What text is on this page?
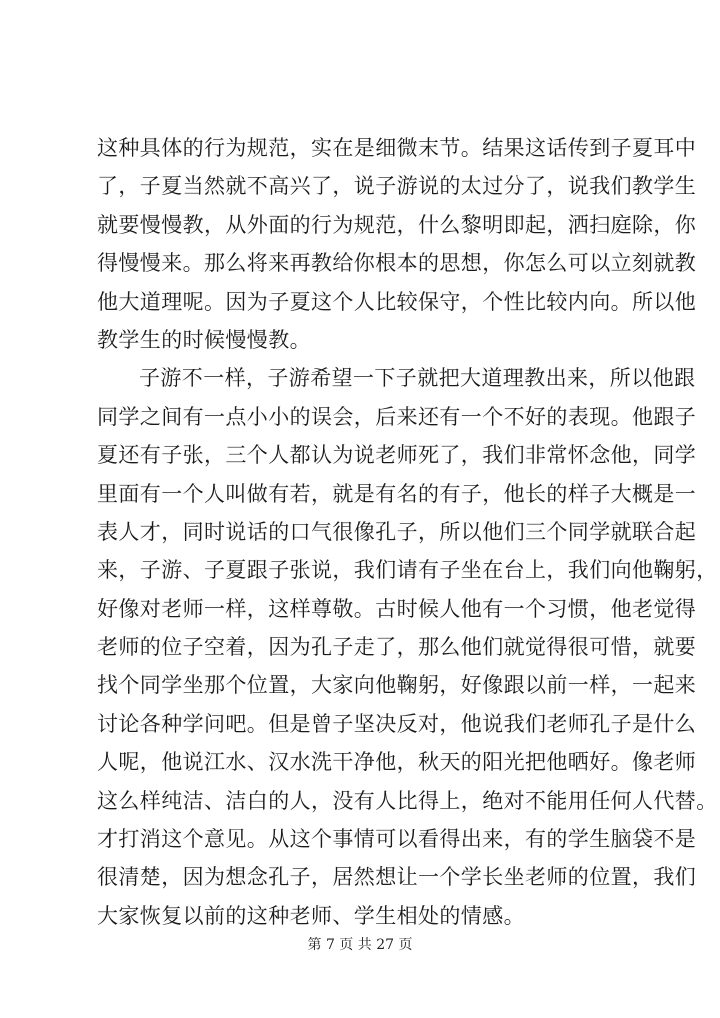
这种具体的行为规范，实在是细微末节。结果这话传到子夏耳中
了，子夏当然就不高兴了，说子游说的太过分了，说我们教学生
就要慢慢教，从外面的行为规范，什么黎明即起，洒扫庭除，你
得慢慢来。那么将来再教给你根本的思想，你怎么可以立刻就教
他大道理呢。因为子夏这个人比较保守，个性比较内向。所以他
教学生的时候慢慢教。
子游不一样，子游希望一下子就把大道理教出来，所以他跟
同学之间有一点小小的误会，后来还有一个不好的表现。他跟子
夏还有子张，三个人都认为说老师死了，我们非常怀念他，同学
里面有一个人叫做有若，就是有名的有子，他长的样子大概是一
表人才，同时说话的口气很像孔子，所以他们三个同学就联合起
来，子游、子夏跟子张说，我们请有子坐在台上，我们向他鞠躬，
好像对老师一样，这样尊敬。古时候人他有一个习惯，他老觉得
老师的位子空着，因为孔子走了，那么他们就觉得很可惜，就要
找个同学坐那个位置，大家向他鞠躬，好像跟以前一样，一起来
讨论各种学问吧。但是曾子坚决反对，他说我们老师孔子是什么
人呢，他说江水、汉水洗干净他，秋天的阳光把他晒好。像老师
这么样纯洁、洁白的人，没有人比得上，绝对不能用任何人代替。
才打消这个意见。从这个事情可以看得出来，有的学生脑袋不是
很清楚，因为想念孔子，居然想让一个学长坐老师的位置，我们
大家恢复以前的这种老师、学生相处的情感。
第 7 页 共 27 页
